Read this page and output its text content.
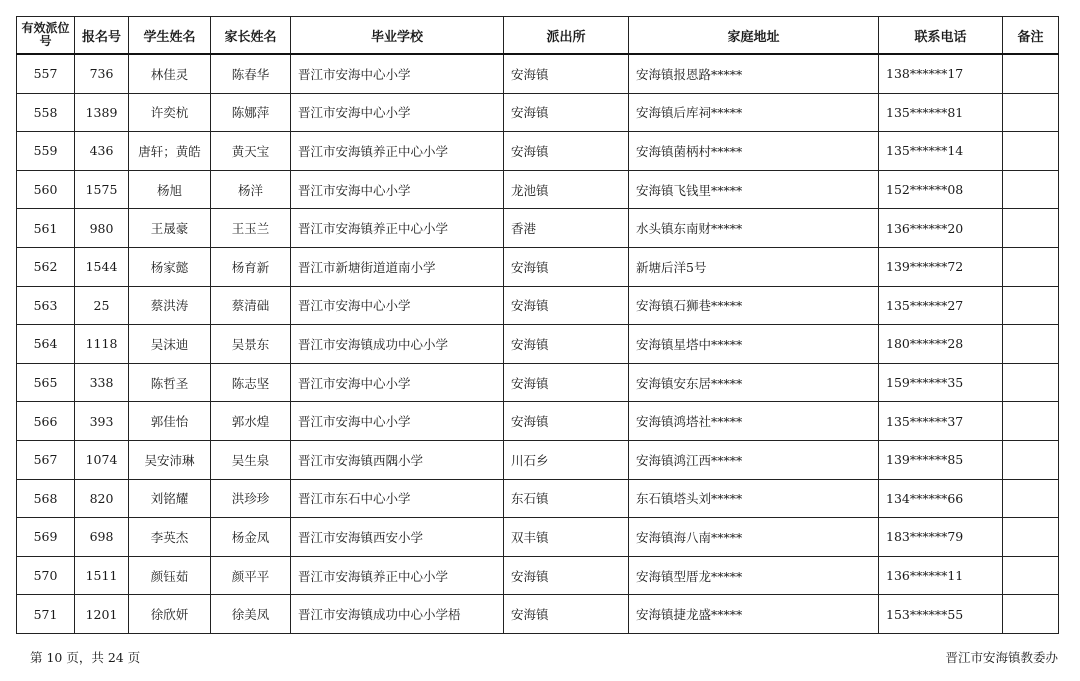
有效派位号	报名号	学生姓名	家长姓名	毕业学校	派出所	家庭地址	联系电话	备注
557	736	林佳灵	陈春华	晋江市安海中心小学	安海镇	安海镇报恩路*****	138******17	
558	1389	许奕杭	陈娜萍	晋江市安海中心小学	安海镇	安海镇后库祠*****	135******81	
559	436	唐轩；黄皓	黄天宝	晋江市安海镇养正中心小学	安海镇	安海镇菌柄村*****	135******14	
560	1575	杨旭	杨洋	晋江市安海中心小学	龙池镇	安海镇飞钱里*****	152******08	
561	980	王晟豪	王玉兰	晋江市安海镇养正中心小学	香港	水头镇东南财*****	136******20	
562	1544	杨家懿	杨育新	晋江市新塘街道道南小学	安海镇	新塘后洋5号	139******72	
563	25	蔡洪涛	蔡清础	晋江市安海中心小学	安海镇	安海镇石狮巷*****	135******27	
564	1118	吴沫迪	吴景东	晋江市安海镇成功中心小学	安海镇	安海镇星塔中*****	180******28	
565	338	陈哲圣	陈志坚	晋江市安海中心小学	安海镇	安海镇安东居*****	159******35	
566	393	郭佳怡	郭水煌	晋江市安海中心小学	安海镇	安海镇鸿塔社*****	135******37	
567	1074	吴安沛琳	吴生泉	晋江市安海镇西隅小学	川石乡	安海镇鸿江西*****	139******85	
568	820	刘铭耀	洪珍珍	晋江市东石中心小学	东石镇	东石镇塔头刘*****	134******66	
569	698	李英杰	杨金凤	晋江市安海镇西安小学	双丰镇	安海镇海八南*****	183******79	
570	1511	颜钰茹	颜平平	晋江市安海镇养正中心小学	安海镇	安海镇型厝龙*****	136******11	
571	1201	徐欣妍	徐美凤	晋江市安海镇成功中心小学梧	安海镇	安海镇捷龙盛*****	153******55	
第 10 页，共 24 页	晋江市安海镇教委办
